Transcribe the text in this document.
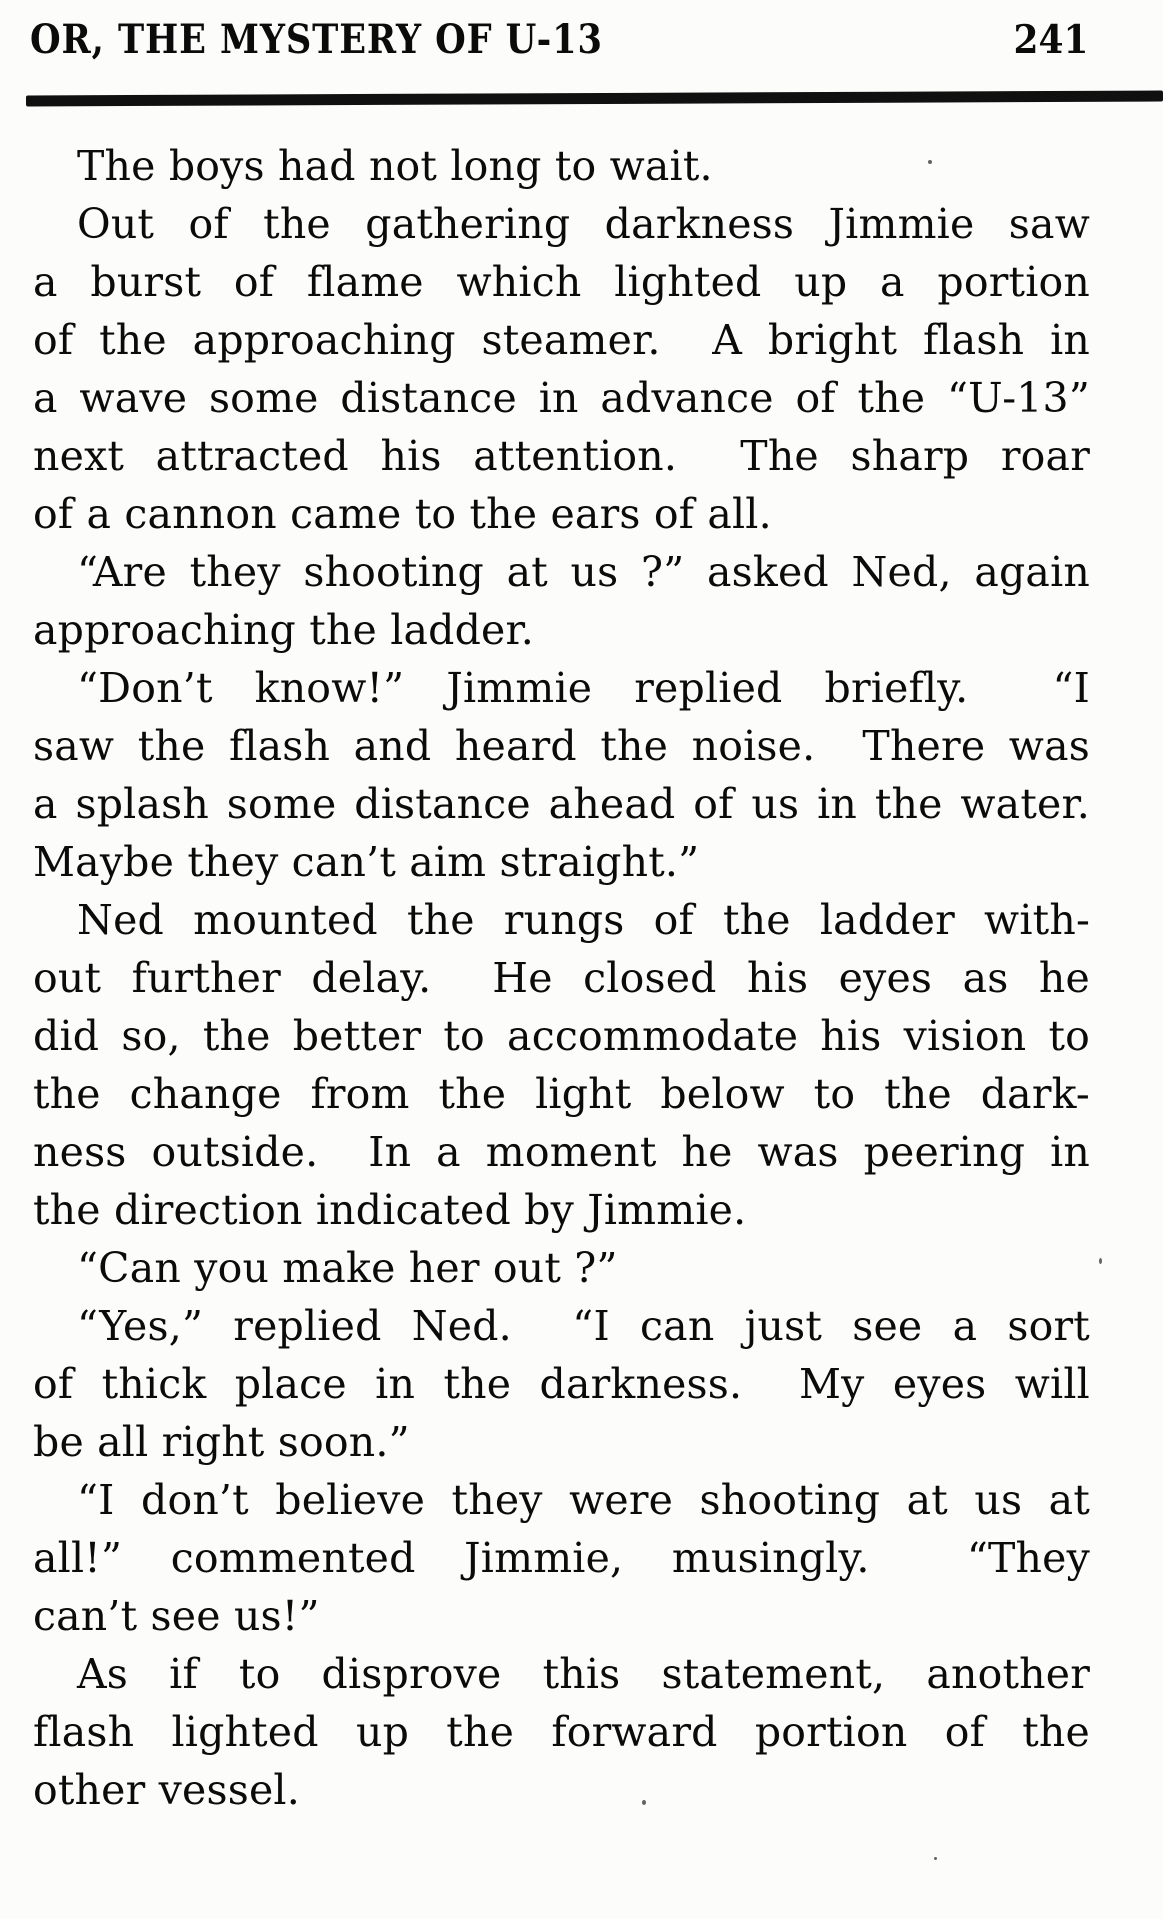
OR, THE MYSTERY OF U-13	241
The boys had not long to wait.
Out of the gathering darkness Jimmie saw
a burst of flame which lighted up a portion
of the approaching steamer.  A bright flash in
a wave some distance in advance of the “U-13”
next attracted his attention.  The sharp roar
of a cannon came to the ears of all.
“Are they shooting at us ?” asked Ned, again
approaching the ladder.
“Don’t know!” Jimmie replied briefly.  “I
saw the flash and heard the noise.  There was
a splash some distance ahead of us in the water.
Maybe they can’t aim straight.”
Ned mounted the rungs of the ladder with-
out further delay.  He closed his eyes as he
did so, the better to accommodate his vision to
the change from the light below to the dark-
ness outside.  In a moment he was peering in
the direction indicated by Jimmie.
“Can you make her out ?”
“Yes,” replied Ned.  “I can just see a sort
of thick place in the darkness.  My eyes will
be all right soon.”
“I don’t believe they were shooting at us at
all!” commented Jimmie, musingly.  “They
can’t see us!”
As if to disprove this statement, another
flash lighted up the forward portion of the
other vessel.
